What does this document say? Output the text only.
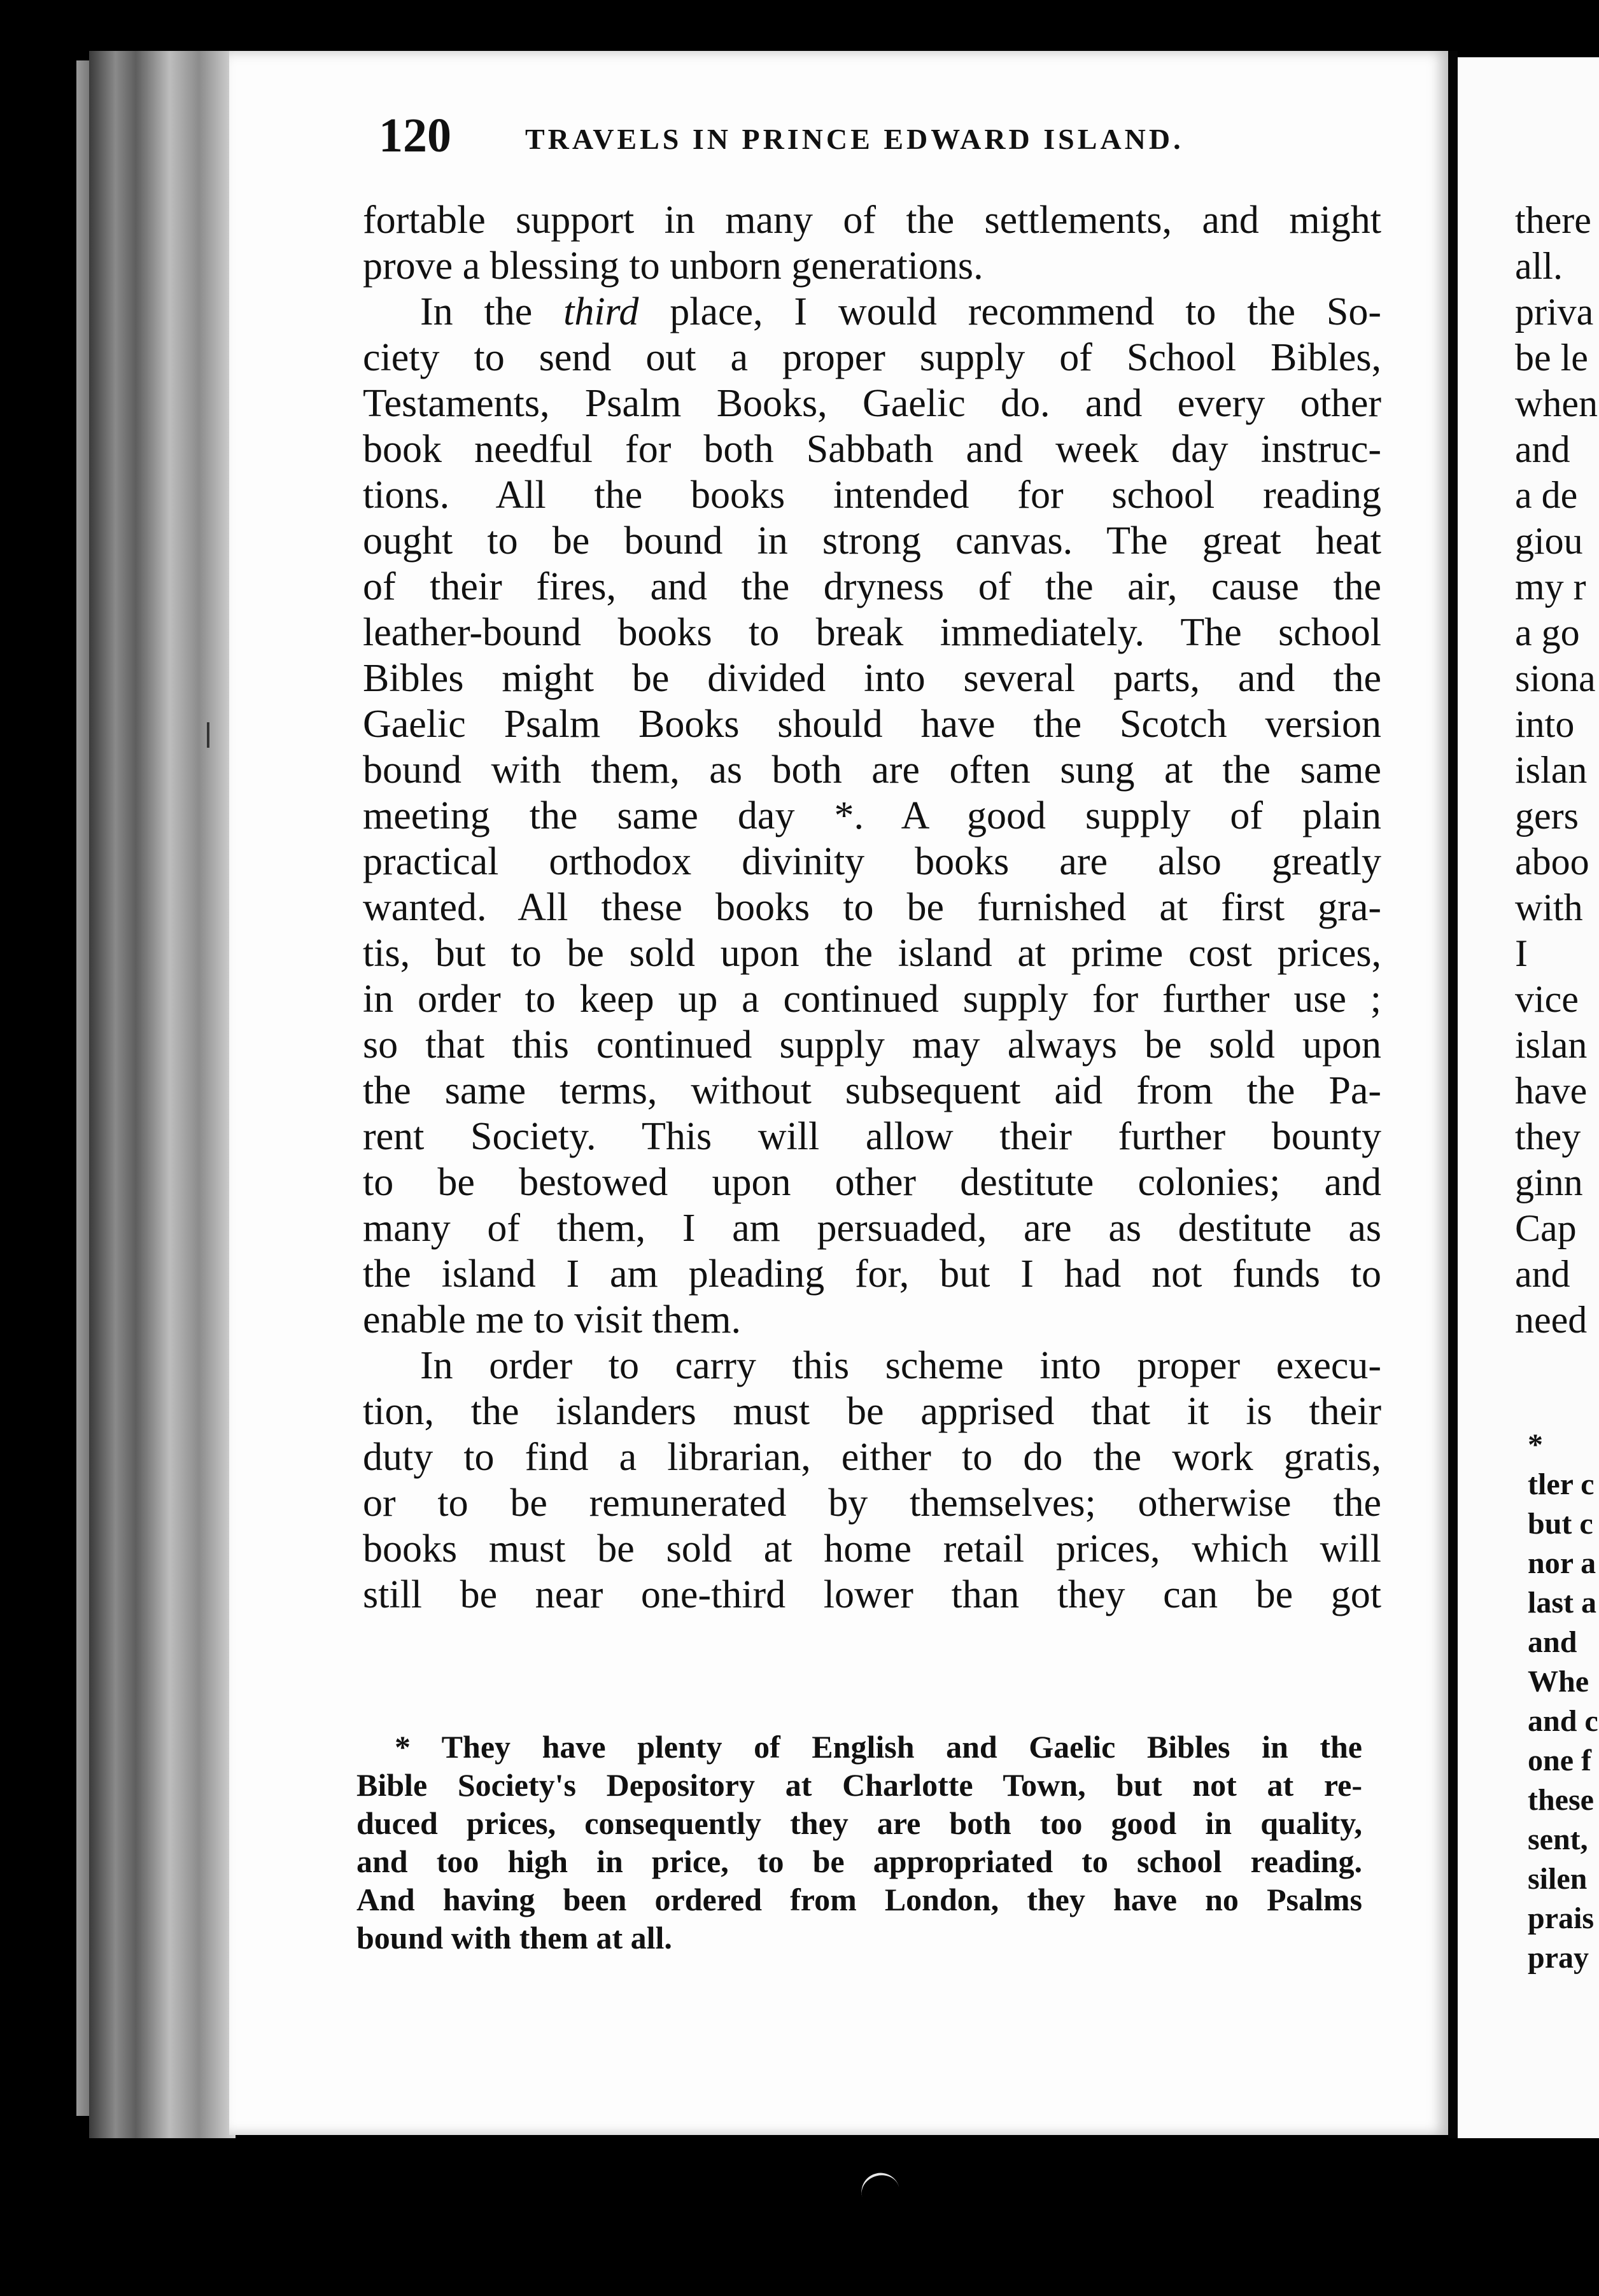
120	TRAVELS IN PRINCE EDWARD ISLAND.
fortable support in many of the settlements, and might
prove a blessing to unborn generations.
In the third place, I would recommend to the So-
ciety to send out a proper supply of School Bibles,
Testaments, Psalm Books, Gaelic do. and every other
book needful for both Sabbath and week day instruc-
tions. All the books intended for school reading
ought to be bound in strong canvas. The great heat
of their fires, and the dryness of the air, cause the
leather-bound books to break immediately. The school
Bibles might be divided into several parts, and the
Gaelic Psalm Books should have the Scotch version
bound with them, as both are often sung at the same
meeting the same day *. A good supply of plain
practical orthodox divinity books are also greatly
wanted. All these books to be furnished at first gra-
tis, but to be sold upon the island at prime cost prices,
in order to keep up a continued supply for further use ;
so that this continued supply may always be sold upon
the same terms, without subsequent aid from the Pa-
rent Society. This will allow their further bounty
to be bestowed upon other destitute colonies; and
many of them, I am persuaded, are as destitute as
the island I am pleading for, but I had not funds to
enable me to visit them.
In order to carry this scheme into proper execu-
tion, the islanders must be apprised that it is their
duty to find a librarian, either to do the work gratis,
or to be remunerated by themselves; otherwise the
books must be sold at home retail prices, which will
still be near one-third lower than they can be got
* They have plenty of English and Gaelic Bibles in the
Bible Society's Depository at Charlotte Town, but not at re-
duced prices, consequently they are both too good in quality,
and too high in price, to be appropriated to school reading.
And having been ordered from London, they have no Psalms
bound with them at all.
there
all.
priva
be le
when
and
a de
giou
my r
a go
siona
into
islan
gers
aboo
with
I
vice
islan
have
they
ginn
Cap
and
need
*
tler c
but c
nor a
last a
and
Whe
and c
one f
these
sent,
silen
prais
pray
